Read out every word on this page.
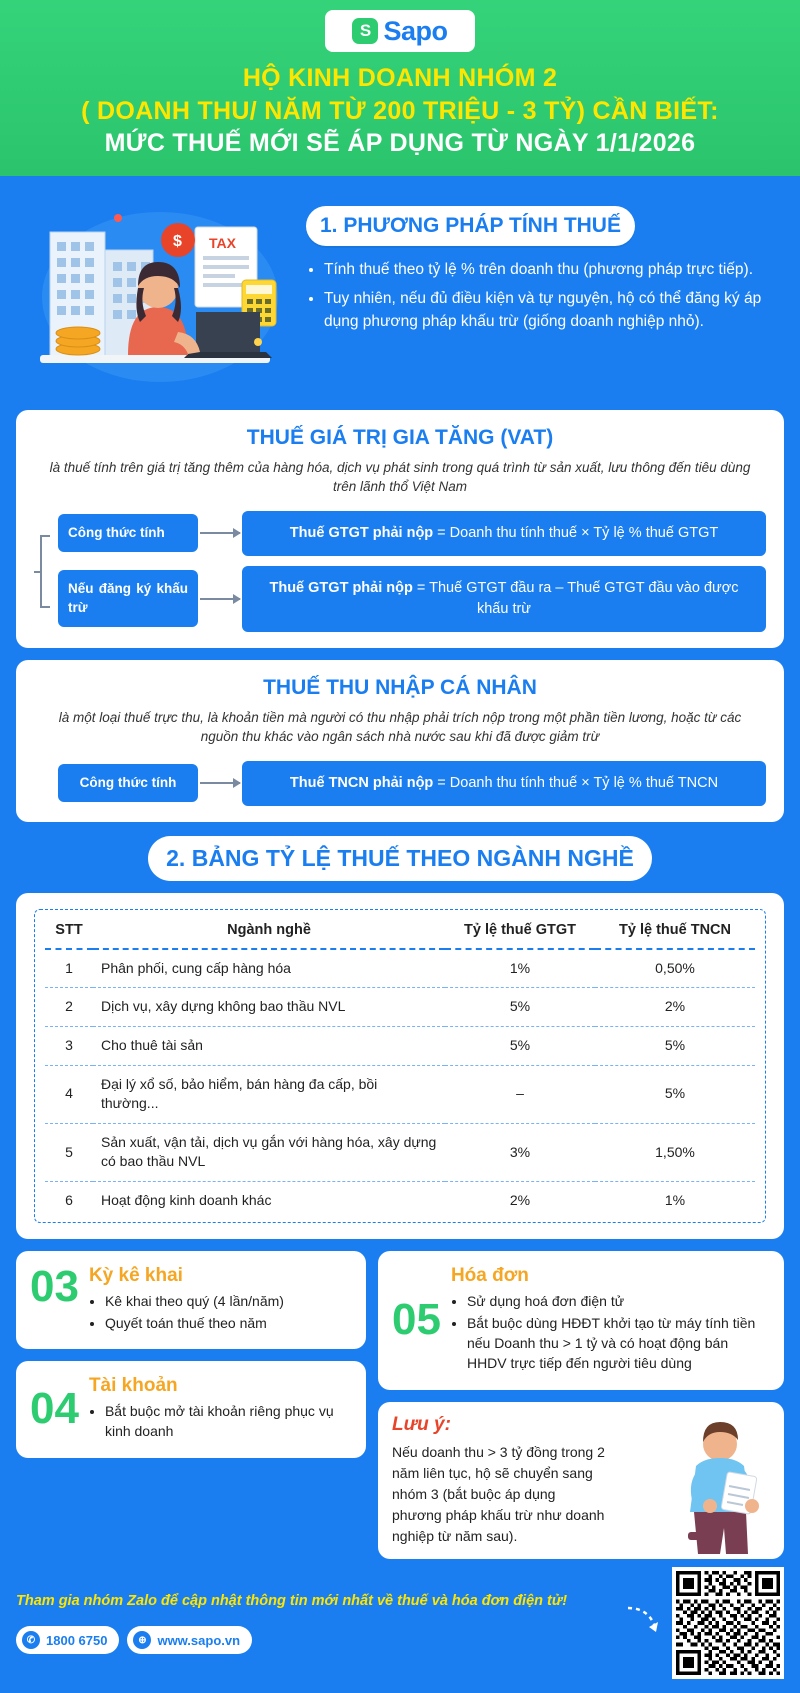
S Sapo
HỘ KINH DOANH NHÓM 2
( DOANH THU/ NĂM TỪ 200 TRIỆU - 3 TỶ) CẦN BIẾT:
MỨC THUẾ MỚI SẼ ÁP DỤNG TỪ NGÀY 1/1/2026
TAX
$
1. PHƯƠNG PHÁP TÍNH THUẾ
• Tính thuế theo tỷ lệ % trên doanh thu (phương pháp trực tiếp).
• Tuy nhiên, nếu đủ điều kiện và tự nguyện, hộ có thể đăng ký áp dụng phương pháp khấu trừ (giống doanh nghiệp nhỏ).
THUẾ GIÁ TRỊ GIA TĂNG (VAT)
là thuế tính trên giá trị tăng thêm của hàng hóa, dịch vụ phát sinh trong quá trình từ sản xuất, lưu thông đến tiêu dùng trên lãnh thổ Việt Nam
Công thức tính	Thuế GTGT phải nộp = Doanh thu tính thuế × Tỷ lệ % thuế GTGT
Nếu đăng ký khấu trừ
Thuế GTGT phải nộp = Thuế GTGT đầu ra – Thuế GTGT đầu vào được khấu trừ
THUẾ THU NHẬP CÁ NHÂN
là một loại thuế trực thu, là khoản tiền mà người có thu nhập phải trích nộp trong một phần tiền lương, hoặc từ các nguồn thu khác vào ngân sách nhà nước sau khi đã được giảm trừ
Công thức tính	Thuế TNCN phải nộp = Doanh thu tính thuế × Tỷ lệ % thuế TNCN
2. BẢNG TỶ LỆ THUẾ THEO NGÀNH NGHỀ
STT	Ngành nghề	Tỷ lệ thuế GTGT	Tỷ lệ thuế TNCN
1	Phân phối, cung cấp hàng hóa	1%	0,50%
2	Dịch vụ, xây dựng không bao thầu NVL	5%	2%
3	Cho thuê tài sản	5%	5%
4	Đại lý xổ số, bảo hiểm, bán hàng đa cấp, bồi thường...	–	5%
5	Sản xuất, vận tải, dịch vụ gắn với hàng hóa, xây dựng có bao thầu NVL	3%	1,50%
6	Hoạt động kinh doanh khác	2%	1%
03 Kỳ kê khai
• Kê khai theo quý (4 lần/năm)
• Quyết toán thuế theo năm
04 Tài khoản
• Bắt buộc mở tài khoản riêng phục vụ kinh doanh
05
Hóa đơn
• Sử dụng hoá đơn điện tử
• Bắt buộc dùng HĐĐT khởi tạo từ máy tính tiền nếu Doanh thu > 1 tỷ và có hoạt động bán HHDV trực tiếp đến người tiêu dùng
Lưu ý:

Nếu doanh thu > 3 tỷ đồng trong 2 năm liên tục, hộ sẽ chuyển sang nhóm 3 (bắt buộc áp dụng phương pháp khấu trừ như doanh nghiệp từ năm sau).

Tham gia nhóm Zalo để cập nhật thông tin mới nhất về thuế và hóa đơn điện tử!

✆ 1800 6750	⊕ www.sapo.vn
